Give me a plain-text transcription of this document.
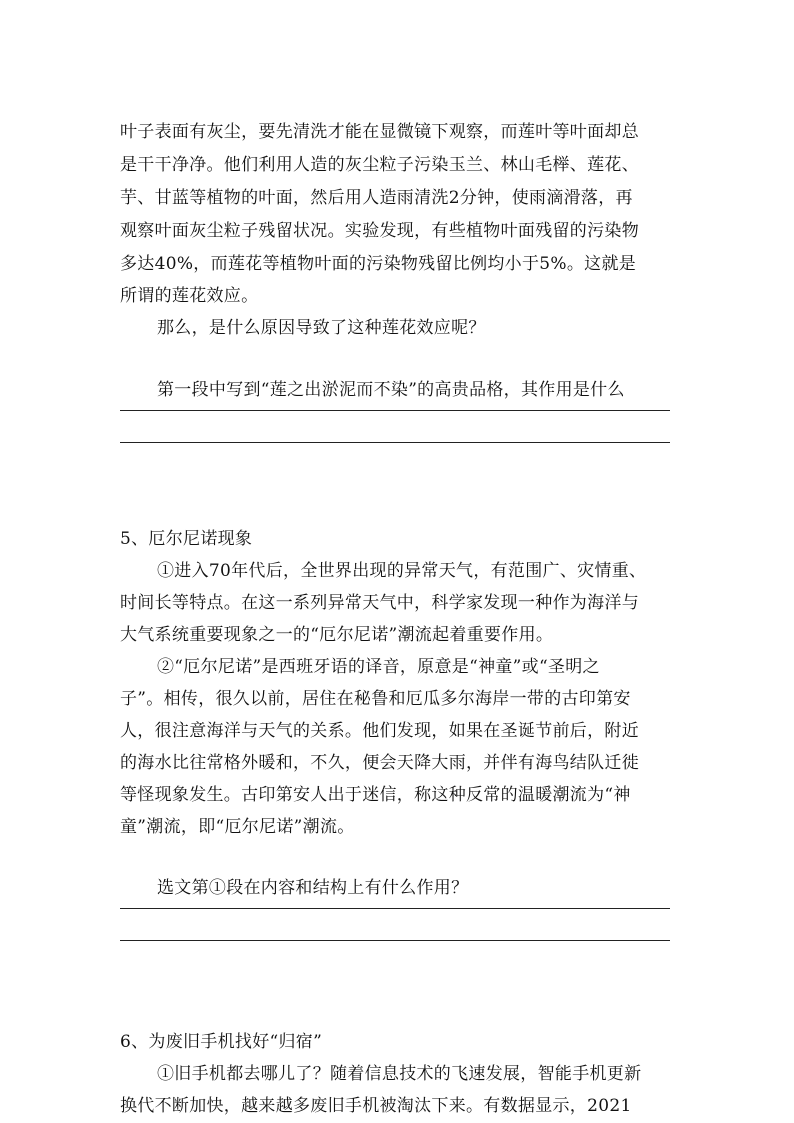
叶子表面有灰尘，要先清洗才能在显微镜下观察，而莲叶等叶面却总
是干干净净。他们利用人造的灰尘粒子污染玉兰、林山毛榉、莲花、
芋、甘蓝等植物的叶面，然后用人造雨清洗2分钟，使雨滴滑落，再
观察叶面灰尘粒子残留状况。实验发现，有些植物叶面残留的污染物
多达40%，而莲花等植物叶面的污染物残留比例均小于5%。这就是
所谓的莲花效应。
那么，是什么原因导致了这种莲花效应呢？
第一段中写到“莲之出淤泥而不染”的高贵品格，其作用是什么
5、厄尔尼诺现象
①进入70年代后，全世界出现的异常天气，有范围广、灾情重、
时间长等特点。在这一系列异常天气中，科学家发现一种作为海洋与
大气系统重要现象之一的“厄尔尼诺”潮流起着重要作用。
②“厄尔尼诺”是西班牙语的译音，原意是“神童”或“圣明之
子”。相传，很久以前，居住在秘鲁和厄瓜多尔海岸一带的古印第安
人，很注意海洋与天气的关系。他们发现，如果在圣诞节前后，附近
的海水比往常格外暖和，不久，便会天降大雨，并伴有海鸟结队迁徙
等怪现象发生。古印第安人出于迷信，称这种反常的温暖潮流为“神
童”潮流，即“厄尔尼诺”潮流。
选文第①段在内容和结构上有什么作用？
6、为废旧手机找好“归宿”
①旧手机都去哪儿了？随着信息技术的飞速发展，智能手机更新
换代不断加快，越来越多废旧手机被淘汰下来。有数据显示，2021
